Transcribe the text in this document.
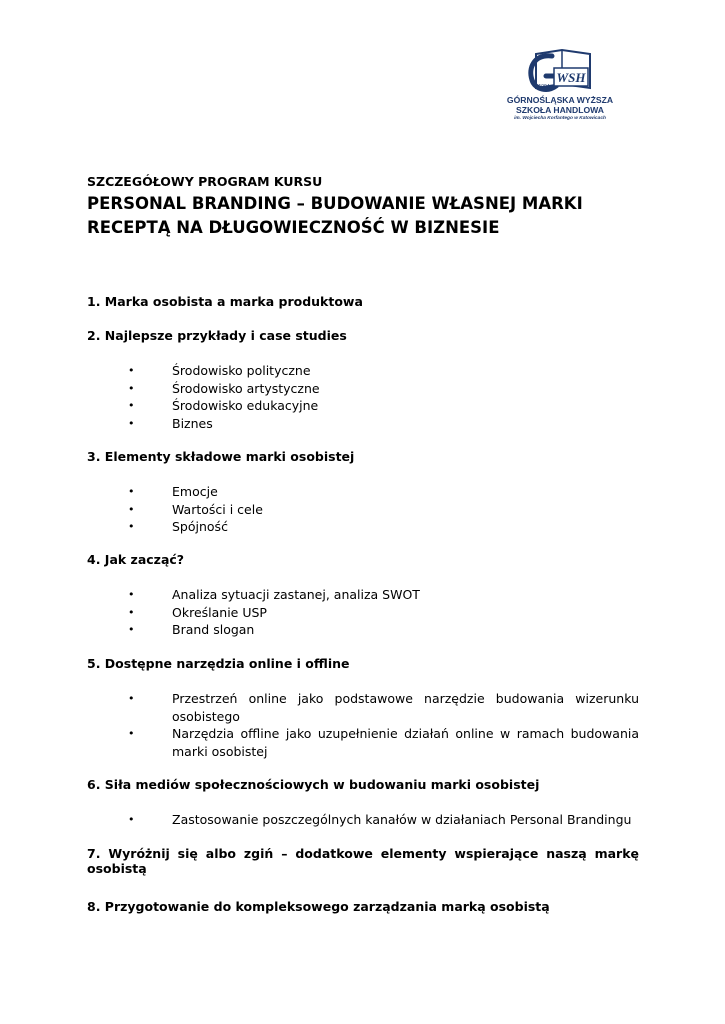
WSH
1994
GÓRNOŚLĄSKA WYŻSZA
SZKOŁA HANDLOWA
im. Wojciecha Korfantego w Katowicach
SZCZEGÓŁOWY PROGRAM KURSU
PERSONAL BRANDING – BUDOWANIE WŁASNEJ MARKI RECEPTĄ NA DŁUGOWIECZNOŚĆ W BIZNESIE
1. Marka osobista a marka produktowa
2. Najlepsze przykłady i case studies
• Środowisko polityczne
• Środowisko artystyczne
• Środowisko edukacyjne
• Biznes
3. Elementy składowe marki osobistej
• Emocje
• Wartości i cele
• Spójność
4. Jak zacząć?
• Analiza sytuacji zastanej, analiza SWOT
• Określanie USP
• Brand slogan
5. Dostępne narzędzia online i offline
• Przestrzeń online jako podstawowe narzędzie budowania wizerunku osobistego
• Narzędzia offline jako uzupełnienie działań online w ramach budowania marki osobistej
6. Siła mediów społecznościowych w budowaniu marki osobistej
• Zastosowanie poszczególnych kanałów w działaniach Personal Brandingu
7. Wyróżnij się albo zgiń – dodatkowe elementy wspierające naszą markę osobistą
8. Przygotowanie do kompleksowego zarządzania marką osobistą
